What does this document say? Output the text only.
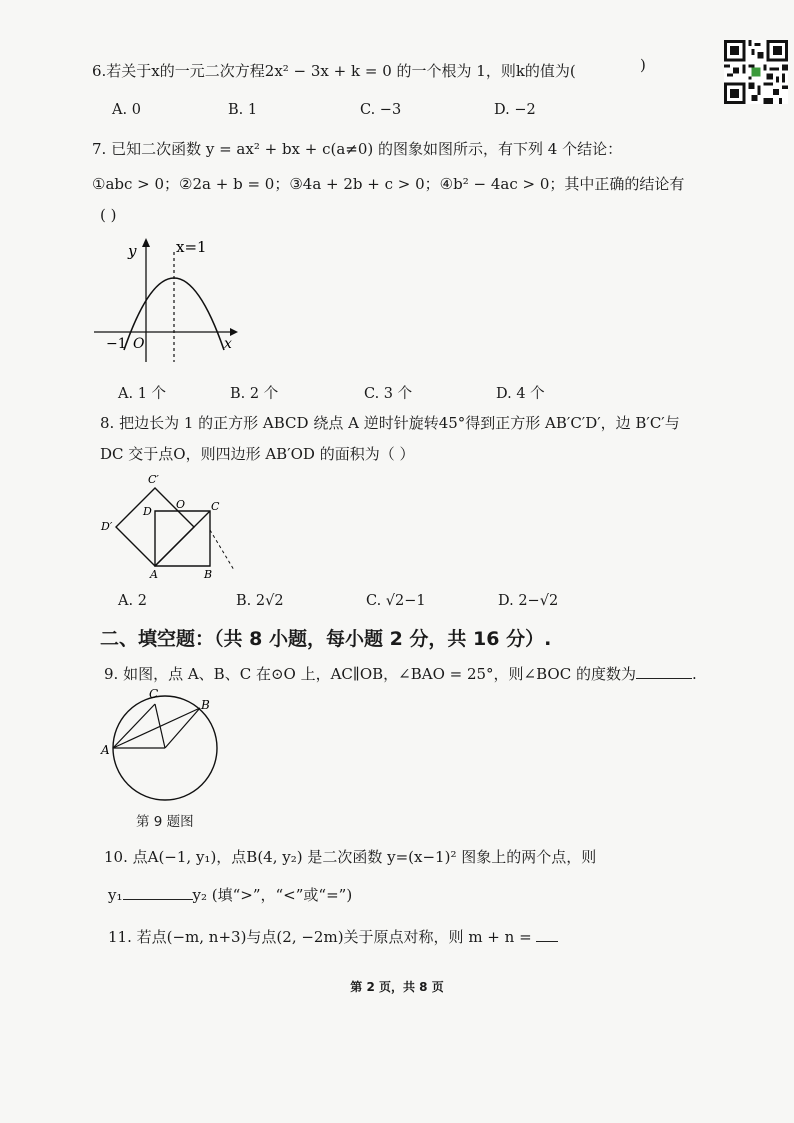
6.若关于x的一元二次方程2x² − 3x + k = 0 的一个根为 1，则k的值为(	)
A. 0	B. 1	C. −3	D. −2
7. 已知二次函数 y = ax² + bx + c(a≠0) 的图象如图所示，有下列 4 个结论：
①abc > 0；②2a + b = 0；③4a + 2b + c > 0；④b² − 4ac > 0；其中正确的结论有
( )
y	x=1
x
O
−1
A. 1 个	B. 2 个	C. 3 个	D. 4 个
8. 把边长为 1 的正方形 ABCD 绕点 A 逆时针旋转45°得到正方形 AB′C′D′，边 B′C′与
DC 交于点O，则四边形 AB′OD 的面积为（ ）
C′
D
O C
D′
A	B
A. 2	B. 2√2	C. √2−1	D. 2−√2
二、填空题：（共 8 小题，每小题 2 分，共 16 分）.
9. 如图，点 A、B、C 在⊙O 上，AC∥OB，∠BAO = 25°，则∠BOC 的度数为	.
A
B
C
第 9 题图
10. 点A(−1, y₁)，点B(4, y₂) 是二次函数 y=(x−1)² 图象上的两个点，则
y₁	y₂ (填“>”，“<”或“=”)
11. 若点(−m, n+3)与点(2, −2m)关于原点对称，则 m + n =
第 2 页，共 8 页
